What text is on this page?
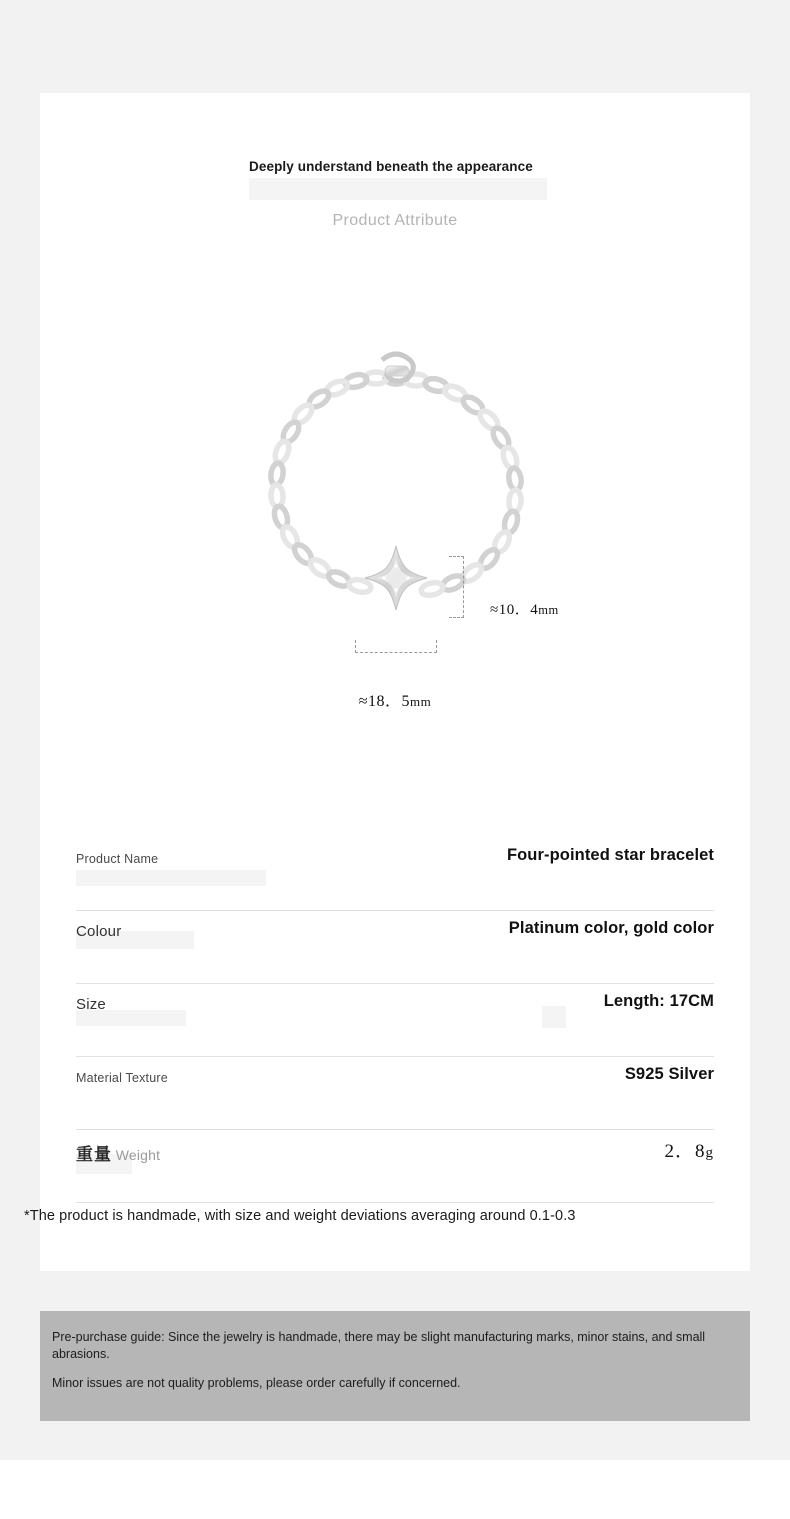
Deeply understand beneath the appearance
Product Attribute
≈10．4mm
≈18．5mm
Product Name	Four-pointed star bracelet
Colour	Platinum color, gold color
Size	Length: 17CM
Material Texture	S925 Silver
重量 Weight	2．8g
*The product is handmade, with size and weight deviations averaging around 0.1-0.3
Pre-purchase guide: Since the jewelry is handmade, there may be slight manufacturing marks, minor stains, and small abrasions.
Minor issues are not quality problems, please order carefully if concerned.
